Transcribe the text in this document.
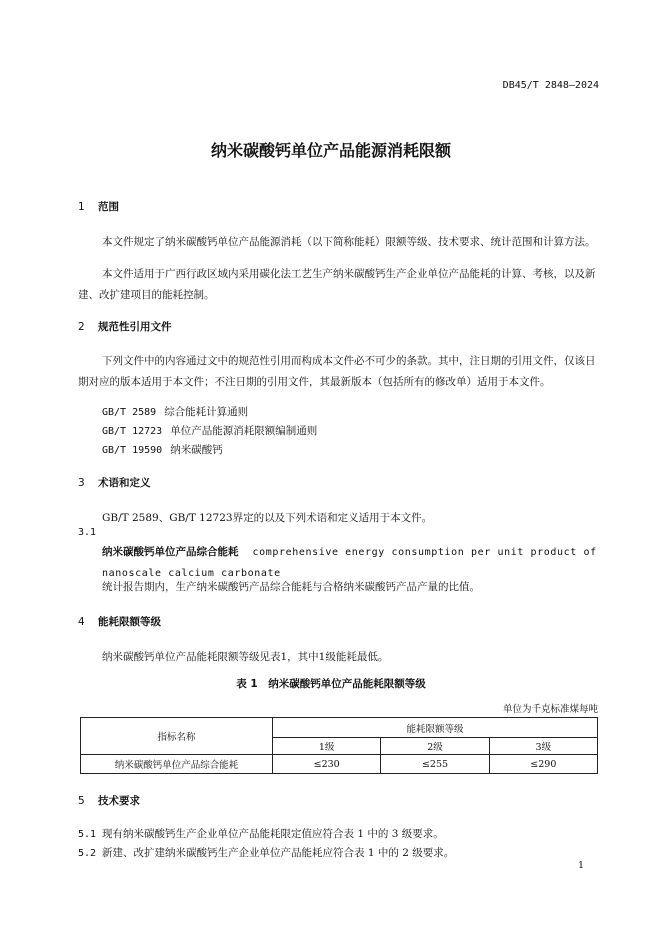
DB45/T 2848—2024
纳米碳酸钙单位产品能源消耗限额
1 范围
本文件规定了纳米碳酸钙单位产品能源消耗（以下简称能耗）限额等级、技术要求、统计范围和计算方法。
本文件适用于广西行政区域内采用碳化法工艺生产纳米碳酸钙生产企业单位产品能耗的计算、考核，以及新建、改扩建项目的能耗控制。
2 规范性引用文件
下列文件中的内容通过文中的规范性引用而构成本文件必不可少的条款。其中，注日期的引用文件，仅该日期对应的版本适用于本文件；不注日期的引用文件，其最新版本（包括所有的修改单）适用于本文件。
GB/T 2589 综合能耗计算通则
GB/T 12723 单位产品能源消耗限额编制通则
GB/T 19590 纳米碳酸钙
3 术语和定义
GB/T 2589、GB/T 12723界定的以及下列术语和定义适用于本文件。
3.1
纳米碳酸钙单位产品综合能耗 comprehensive energy consumption per unit product of nanoscale calcium carbonate
统计报告期内，生产纳米碳酸钙产品综合能耗与合格纳米碳酸钙产品产量的比值。
4 能耗限额等级
纳米碳酸钙单位产品能耗限额等级见表1，其中1级能耗最低。
表 1　纳米碳酸钙单位产品能耗限额等级
单位为千克标准煤每吨
指标名称	能耗限额等级		
	1级	2级	3级
纳米碳酸钙单位产品综合能耗	≤230	≤255	≤290
5 技术要求
5.1 现有纳米碳酸钙生产企业单位产品能耗限定值应符合表 1 中的 3 级要求。
5.2 新建、改扩建纳米碳酸钙生产企业单位产品能耗应符合表 1 中的 2 级要求。
1
